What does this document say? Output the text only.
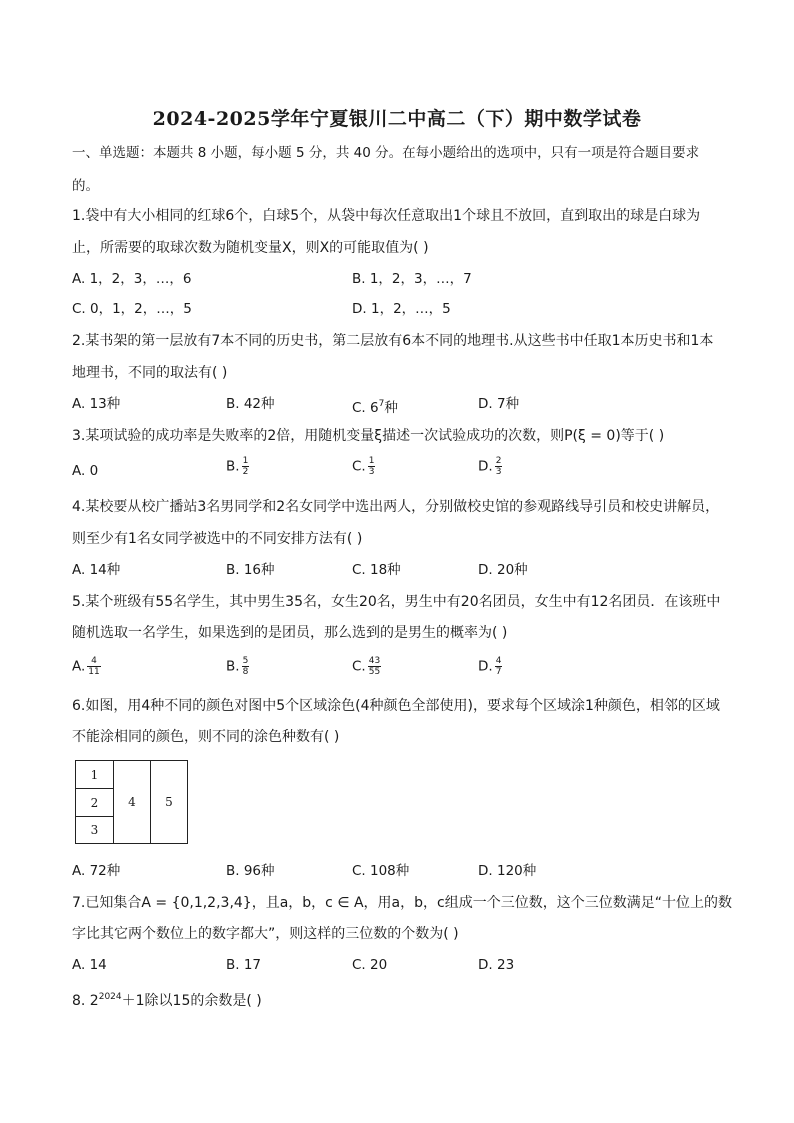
2024-2025学年宁夏银川二中高二（下）期中数学试卷
一、单选题：本题共 8 小题，每小题 5 分，共 40 分。在每小题给出的选项中，只有一项是符合题目要求
的。
1.袋中有大小相同的红球6个，白球5个，从袋中每次任意取出1个球且不放回，直到取出的球是白球为
止，所需要的取球次数为随机变量X，则X的可能取值为( )
A. 1，2，3，…，6	B. 1，2，3，…，7
C. 0，1，2，…，5	D. 1，2，…，5
2.某书架的第一层放有7本不同的历史书，第二层放有6本不同的地理书.从这些书中任取1本历史书和1本
地理书，不同的取法有( )
A. 13种	B. 42种	C. $6^7$种	D. 7种
3.某项试验的成功率是失败率的2倍，用随机变量ξ描述一次试验成功的次数，则P(ξ = 0)等于( )
A. 0	B. $\frac{1}{2}$	C. $\frac{1}{3}$	D. $\frac{2}{3}$
4.某校要从校广播站3名男同学和2名女同学中选出两人，分别做校史馆的参观路线导引员和校史讲解员，
则至少有1名女同学被选中的不同安排方法有( )
A. 14种	B. 16种	C. 18种	D. 20种
5.某个班级有55名学生，其中男生35名，女生20名，男生中有20名团员，女生中有12名团员．在该班中
随机选取一名学生，如果选到的是团员，那么选到的是男生的概率为( )
A. $\frac{4}{11}$	B. $\frac{5}{8}$	C. $\frac{43}{55}$	D. $\frac{4}{7}$
6.如图，用4种不同的颜色对图中5个区域涂色(4种颜色全部使用)，要求每个区域涂1种颜色，相邻的区域
不能涂相同的颜色，则不同的涂色种数有( )
1
2
3
4	5
A. 72种	B. 96种	C. 108种	D. 120种
7.已知集合A = {0,1,2,3,4}，且a，b，c ∈ A，用a，b，c组成一个三位数，这个三位数满足“十位上的数
字比其它两个数位上的数字都大”，则这样的三位数的个数为( )
A. 14	B. 17	C. 20	D. 23
8. $2^{2024}+1$除以15的余数是( )
